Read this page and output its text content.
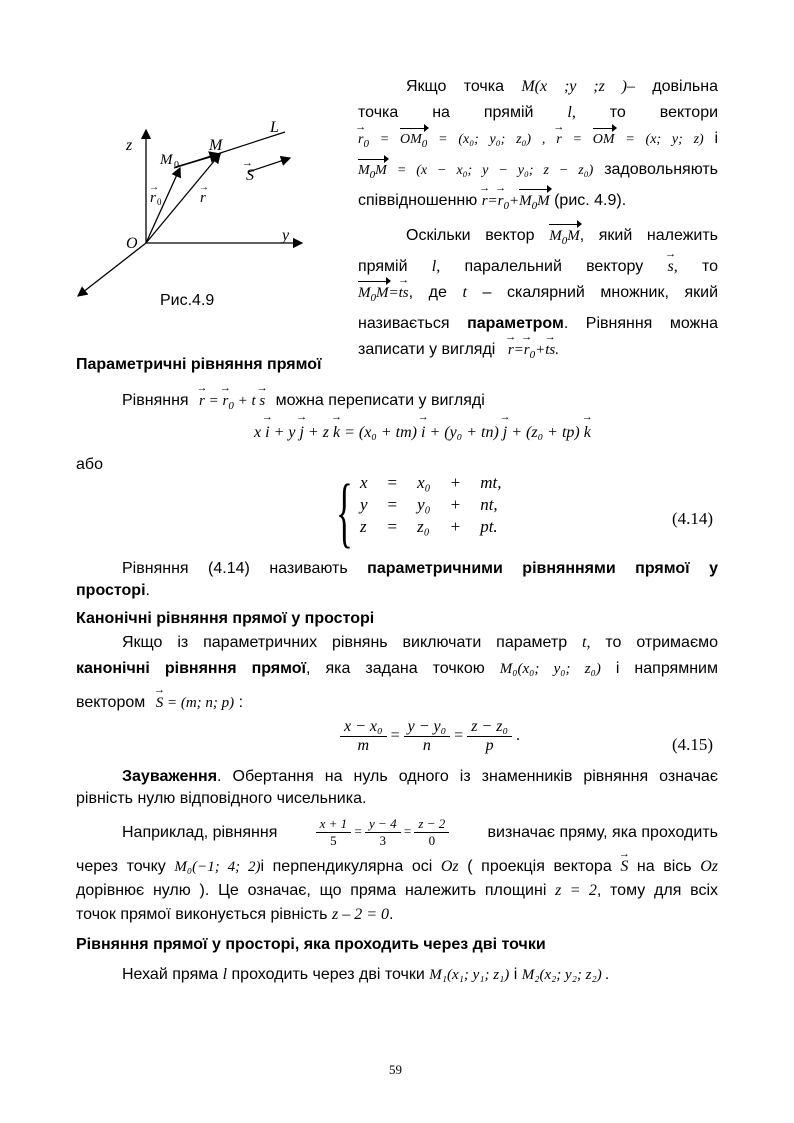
z
M 0
M
L
S
→
r 0
→
r
→
O	y
Рис.4.9
Якщо точка M(x ;y ;z )– довільна
точка на прямій l, то вектори
$r \to_0 = OM_0 = (x_0$; y₀; z₀) , r → = OM = (x; y; z) і
$M_0M = (x - x_0$; y − y₀; z − z₀) задовольняють
співвідношенню $r \to=r \to_0+M_0M$ (рис. 4.9).
Оскільки вектор $M_0M$, який належить
прямій l, паралельний вектору s →, то
$M_0M=ts$ →, де t – скалярний множник, який
називається параметром. Рівняння можна
записати у вигляді $r \to=r \to_0+ts$ →.
Параметричні рівняння прямої
Рівняння r → = $r \to_0 + t$ s → можна переписати у вигляді
x i → + y j → + z k → = (x₀ + tm) i → + (y₀ + tn) j → + (z₀ + tp) k →
або
{ x	=	x₀	+	mt,
y	=	y₀	+	nt,
z	=	z₀	+	pt.	(4.14)
Рівняння (4.14) називають параметричними рівняннями прямої у
просторі.
Канонічні рівняння прямої у просторі
Якщо із параметричних рівнянь виключати параметр t, то отримаємо
канонічні рівняння прямої, яка задана точкою M₀(x₀; y₀; z₀) і напрямним
вектором S → = (m; n; p) :
$\frac{\text{x − x₀}}{m} = \frac{\text{y − y₀}}{n} = \frac{\text{z − z₀}}{p}$ .	(4.15)
Зауваження. Обертання на нуль одного із знаменників рівняння означає
рівність нулю відповідного чисельника.
Наприклад, рівняння	$\frac{x + 1}{5} = \frac{y - 4}{3} = \frac{z - 2}{0}$ визначає пряму, яка проходить
через точку M₀(−1; 4; 2)і перпендикулярна осі Oz ( проекція вектора S → на вісь Oz
дорівнює нулю ). Це означає, що пряма належить площині z = 2, тому для всіх
точок прямої виконується рівність z – 2 = 0.
Рівняння прямої у просторі, яка проходить через дві точки
Нехай пряма l проходить через дві точки M₁(x₁; y₁; z₁) і M₂(x₂; y₂; z₂) .
59
